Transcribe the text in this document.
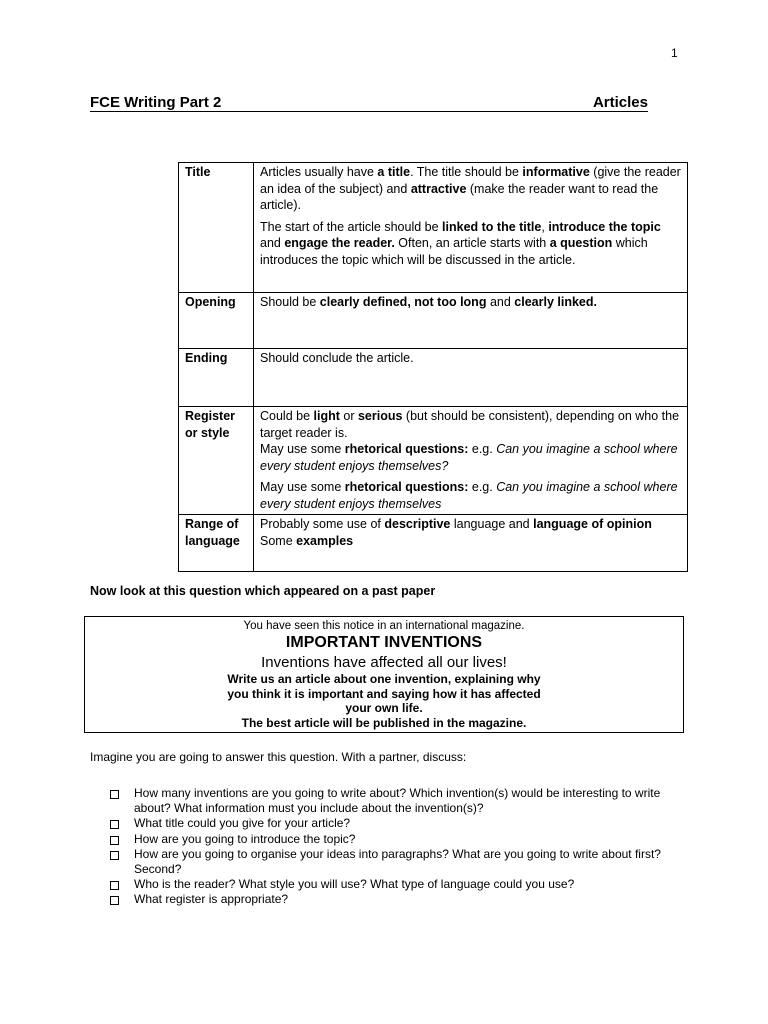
1
FCE Writing Part 2	Articles
Title	Articles usually have a title. The title should be informative (give the reader an idea of the subject) and attractive (make the reader want to read the article).

The start of the article should be linked to the title, introduce the topic and engage the reader. Often, an article starts with a question which introduces the topic which will be discussed in the article.

Opening	Should be clearly defined, not too long and clearly linked.

Ending	Should conclude the article.

Register or style	Could be light or serious (but should be consistent), depending on who the target reader is.
May use some rhetorical questions: e.g. Can you imagine a school where every student enjoys themselves?

May use some rhetorical questions: e.g. Can you imagine a school where every student enjoys themselves

Range of language	Probably some use of descriptive language and language of opinion
Some examples

Now look at this question which appeared on a past paper
You have seen this notice in an international magazine.
IMPORTANT INVENTIONS
Inventions have affected all our lives!
Write us an article about one invention, explaining why
you think it is important and saying how it has affected
your own life.
The best article will be published in the magazine.
Imagine you are going to answer this question. With a partner, discuss:
How many inventions are you going to write about? Which invention(s) would be interesting to write about? What information must you include about the invention(s)?
What title could you give for your article?
How are you going to introduce the topic?
How are you going to organise your ideas into paragraphs? What are you going to write about first? Second?
Who is the reader? What style you will use? What type of language could you use?
What register is appropriate?
